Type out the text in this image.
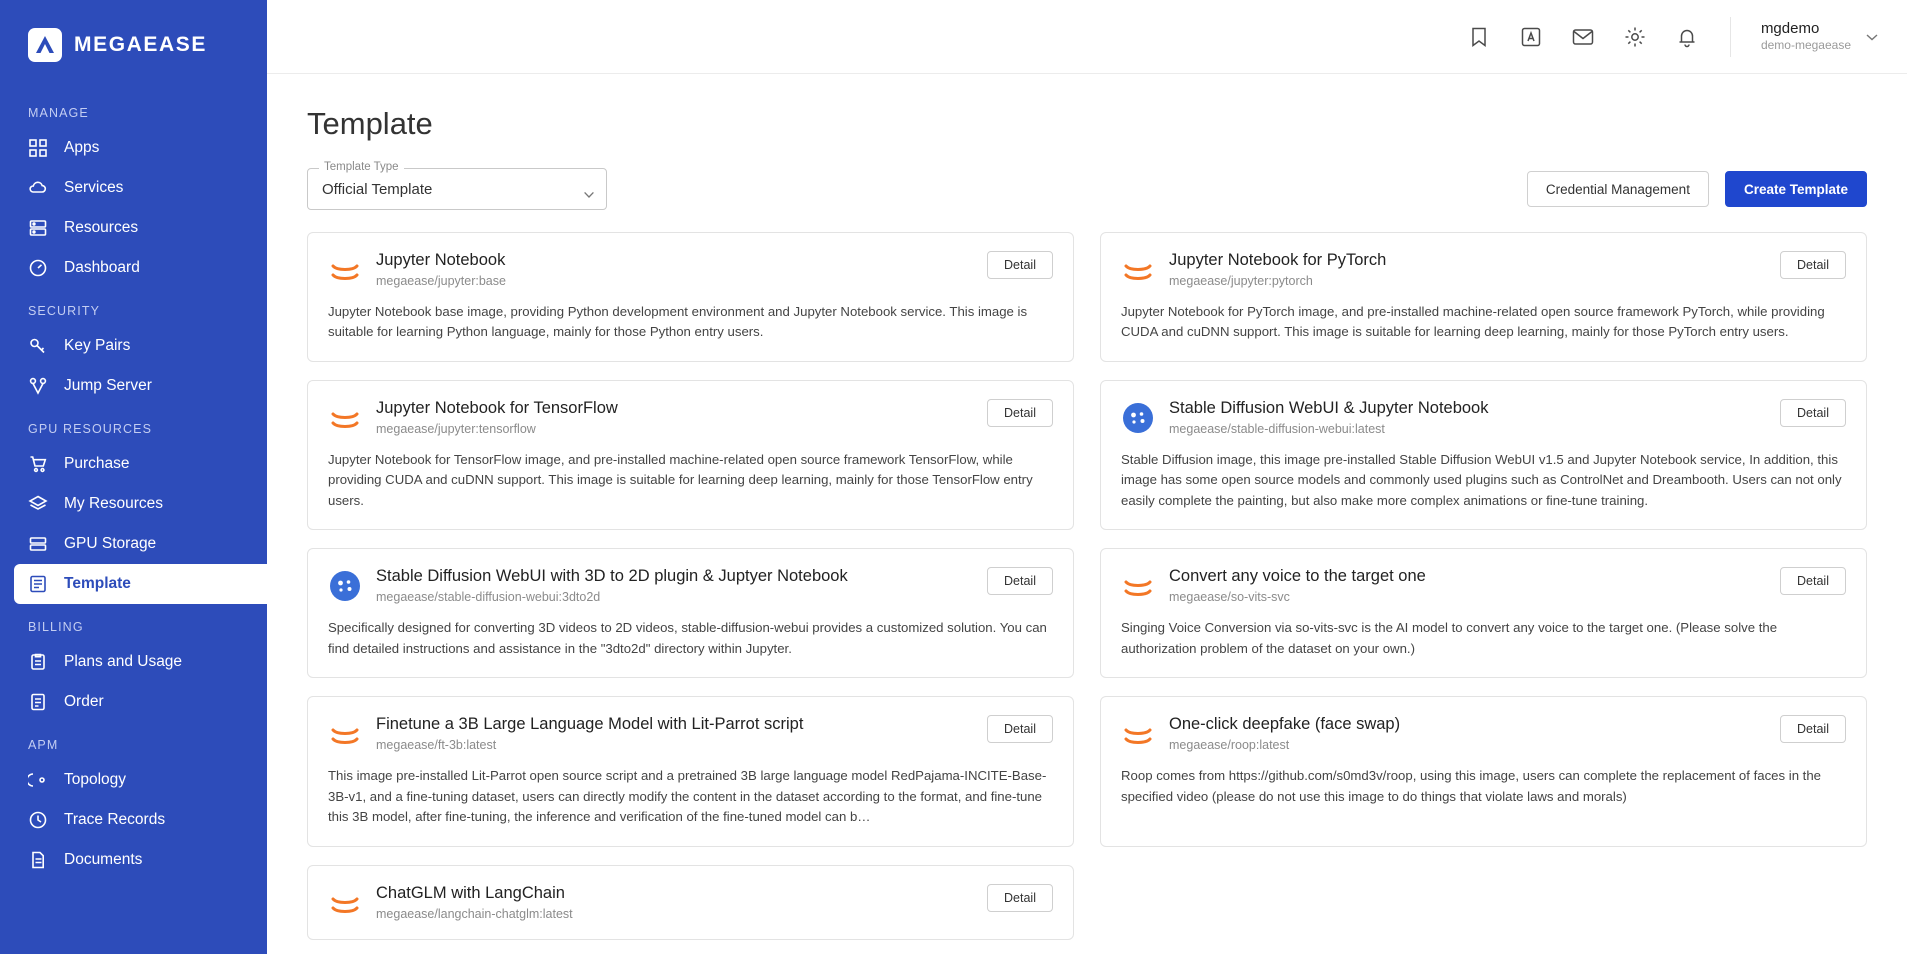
MEGAEASE
MANAGE
Apps
Services
Resources
Dashboard
SECURITY
Key Pairs
Jump Server
GPU RESOURCES
Purchase
My Resources
GPU Storage
Template
BILLING
Plans and Usage
Order
APM
Topology
Trace Records
Documents
mgdemo
demo-megaease
Template
Template Type
Official Template	Credential Management	Create Template
Jupyter Notebook
megaease/jupyter:base
Detail
Jupyter Notebook base image, providing Python development environment and Jupyter Notebook service. This image is suitable for learning Python language, mainly for those Python entry users.
Jupyter Notebook for PyTorch
megaease/jupyter:pytorch
Detail
Jupyter Notebook for PyTorch image, and pre-installed machine-related open source framework PyTorch, while providing CUDA and cuDNN support. This image is suitable for learning deep learning, mainly for those PyTorch entry users.
Jupyter Notebook for TensorFlow
megaease/jupyter:tensorflow
Detail
Jupyter Notebook for TensorFlow image, and pre-installed machine-related open source framework TensorFlow, while providing CUDA and cuDNN support. This image is suitable for learning deep learning, mainly for those TensorFlow entry users.
Stable Diffusion WebUI & Jupyter Notebook
megaease/stable-diffusion-webui:latest
Detail
Stable Diffusion image, this image pre-installed Stable Diffusion WebUI v1.5 and Jupyter Notebook service, In addition, this image has some open source models and commonly used plugins such as ControlNet and Dreambooth. Users can not only easily complete the painting, but also make more complex animations or fine-tune training.
Stable Diffusion WebUI with 3D to 2D plugin & Juptyer Notebook
megaease/stable-diffusion-webui:3dto2d
Detail
Specifically designed for converting 3D videos to 2D videos, stable-diffusion-webui provides a customized solution. You can find detailed instructions and assistance in the "3dto2d" directory within Jupyter.
Convert any voice to the target one
megaease/so-vits-svc
Detail
Singing Voice Conversion via so-vits-svc is the AI model to convert any voice to the target one. (Please solve the authorization problem of the dataset on your own.)
Finetune a 3B Large Language Model with Lit-Parrot script
megaease/ft-3b:latest
Detail
This image pre-installed Lit-Parrot open source script and a pretrained 3B large language model RedPajama-INCITE-Base-3B-v1, and a fine-tuning dataset, users can directly modify the content in the dataset according to the format, and fine-tune this 3B model, after fine-tuning, the inference and verification of the fine-tuned model can b…
One-click deepfake (face swap)
megaease/roop:latest
Detail
Roop comes from https://github.com/s0md3v/roop, using this image, users can complete the replacement of faces in the specified video (please do not use this image to do things that violate laws and morals)
ChatGLM with LangChain
megaease/langchain-chatglm:latest
Detail
